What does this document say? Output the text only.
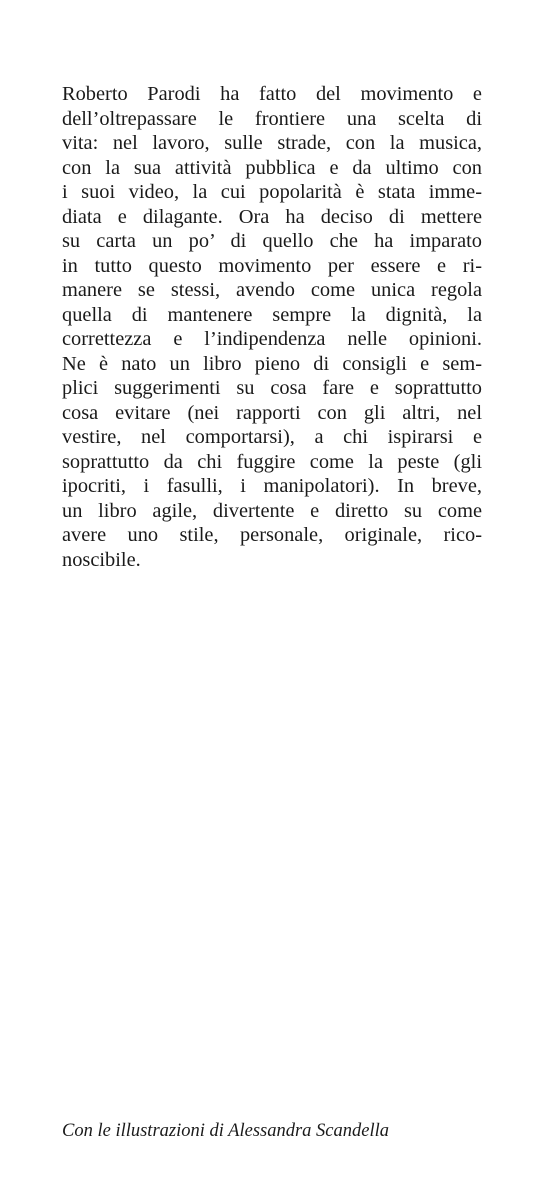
Roberto Parodi ha fatto del movimento e
dell’oltrepassare le frontiere una scelta di
vita: nel lavoro, sulle strade, con la musica,
con la sua attività pubblica e da ultimo con
i suoi video, la cui popolarità è stata imme-
diata e dilagante. Ora ha deciso di mettere
su carta un po’ di quello che ha imparato
in tutto questo movimento per essere e ri-
manere se stessi, avendo come unica regola
quella di mantenere sempre la dignità, la
correttezza e l’indipendenza nelle opinioni.
Ne è nato un libro pieno di consigli e sem-
plici suggerimenti su cosa fare e soprattutto
cosa evitare (nei rapporti con gli altri, nel
vestire, nel comportarsi), a chi ispirarsi e
soprattutto da chi fuggire come la peste (gli
ipocriti, i fasulli, i manipolatori). In breve,
un libro agile, divertente e diretto su come
avere uno stile, personale, originale, rico-
noscibile.

Con le illustrazioni di Alessandra Scandella
